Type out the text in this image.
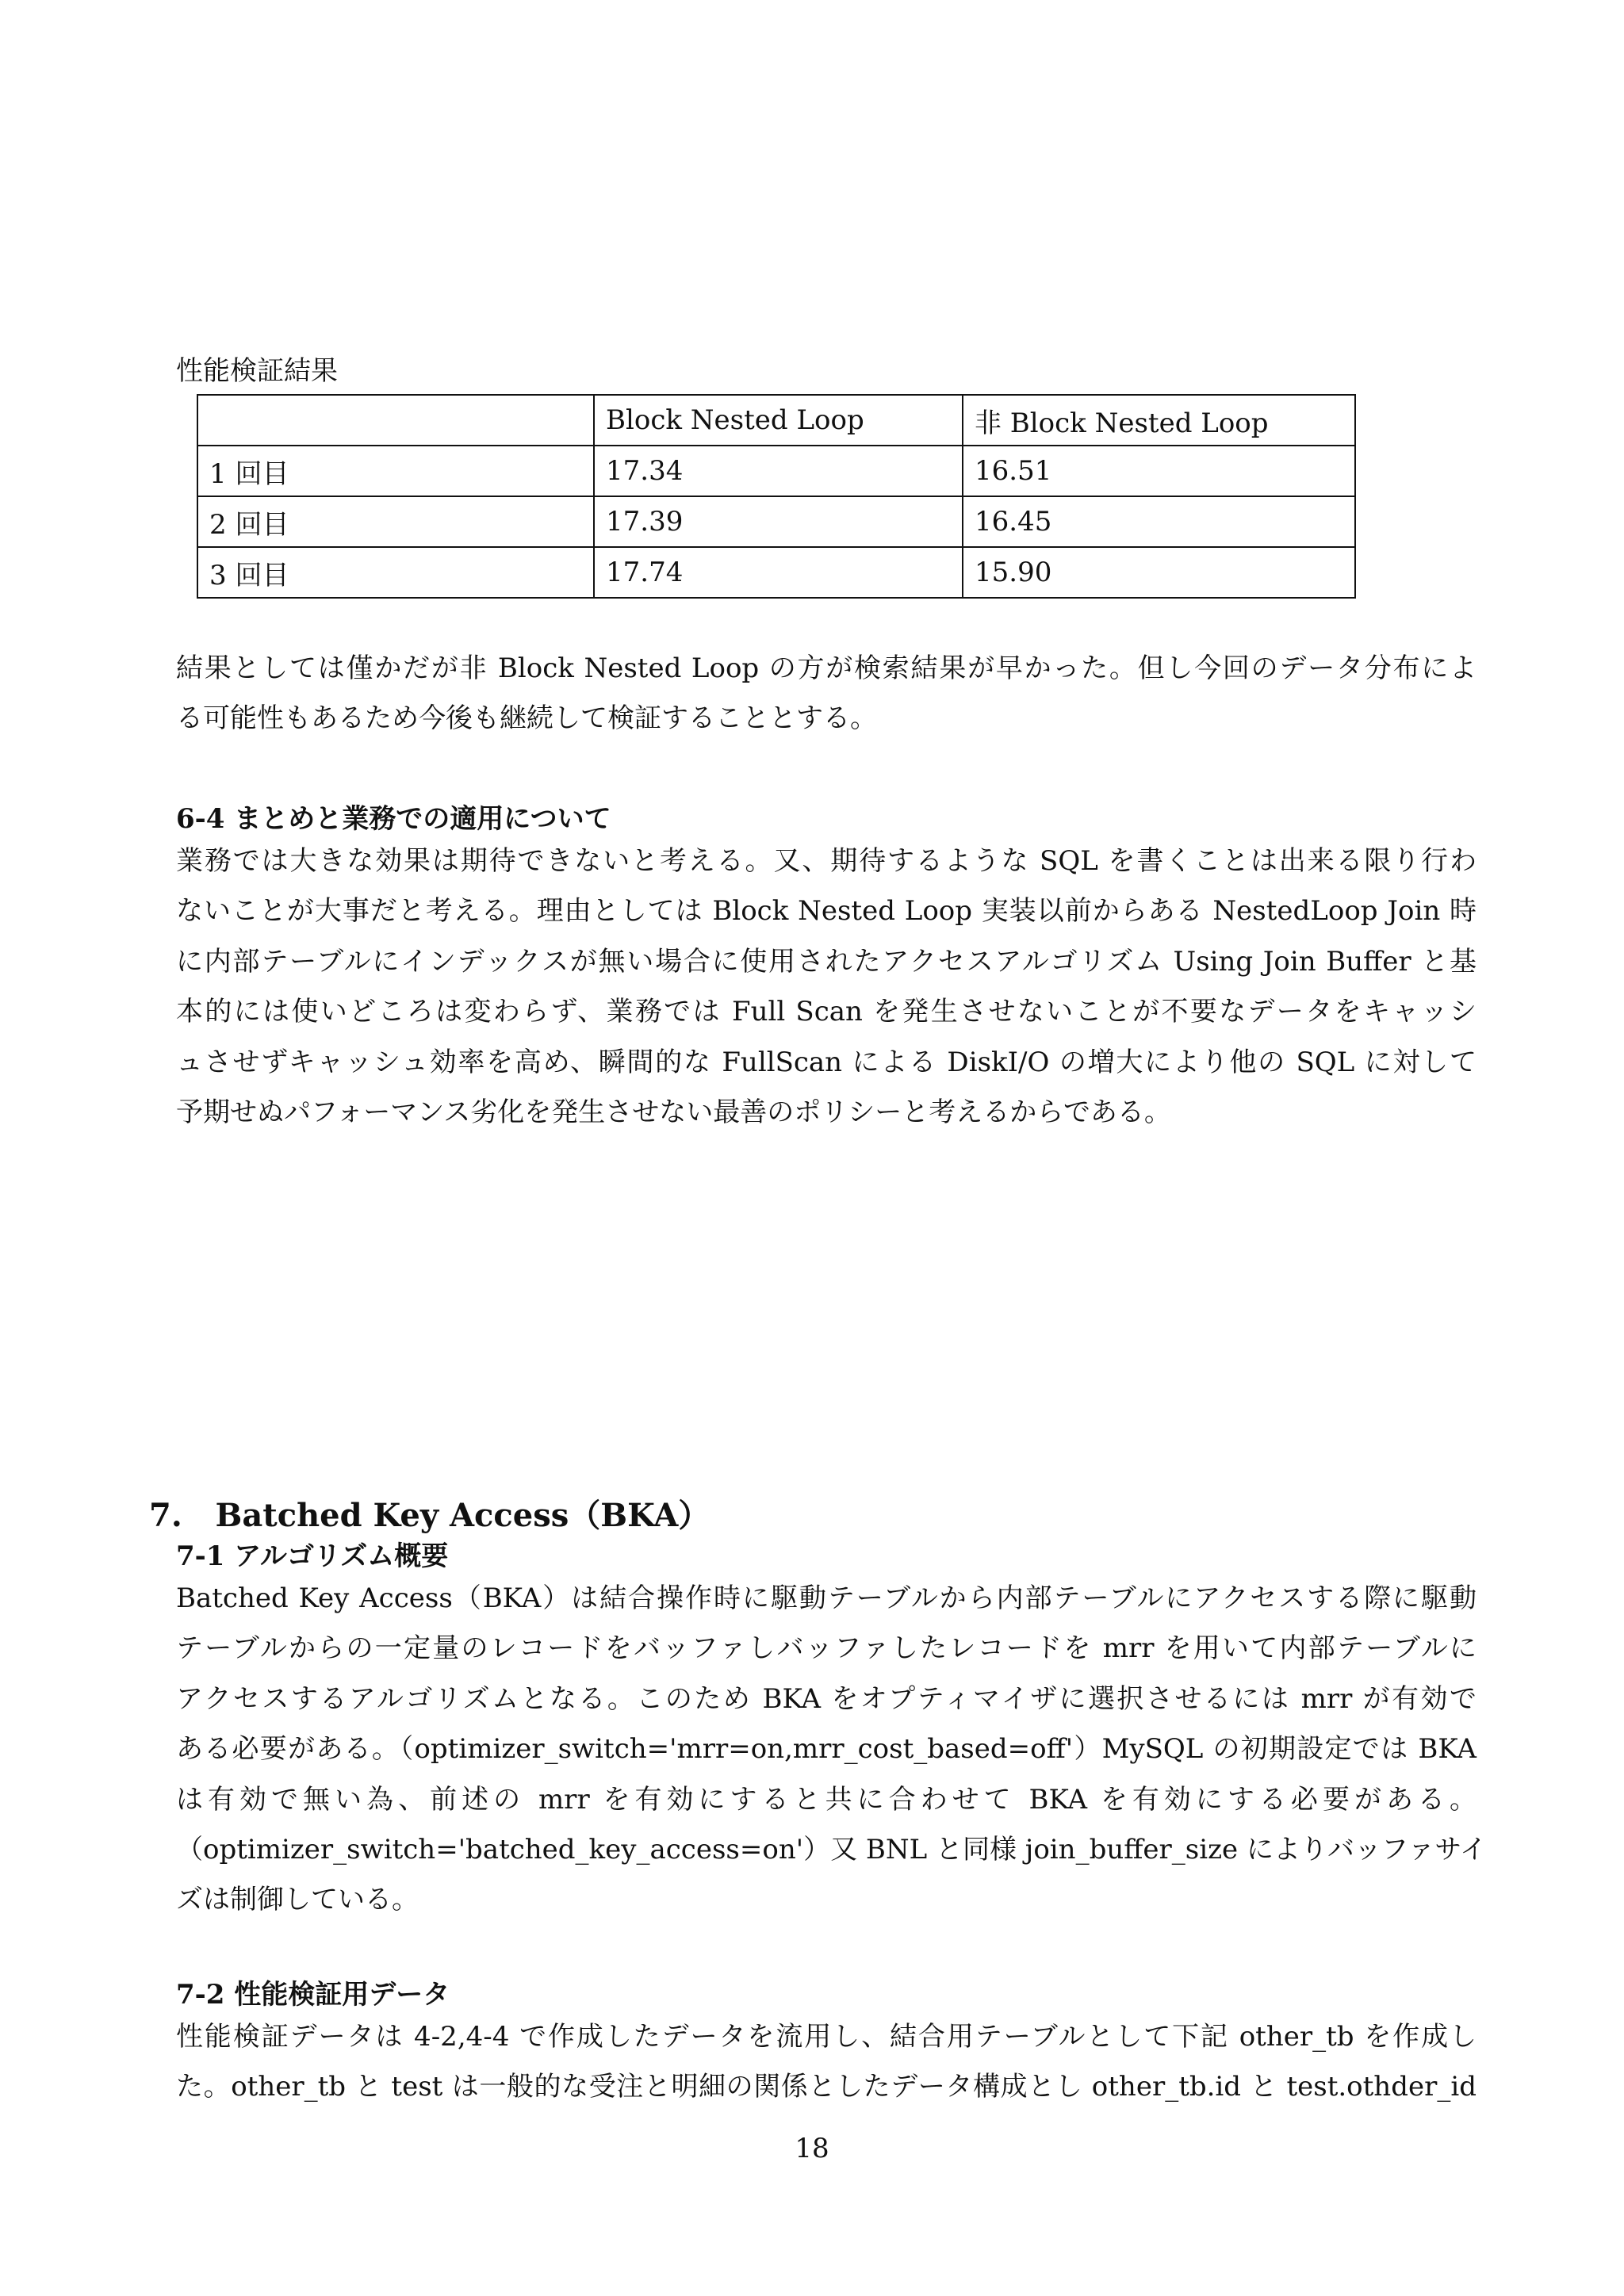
性能検証結果
	Block Nested Loop	非 Block Nested Loop
1 回目	17.34	16.51
2 回目	17.39	16.45
3 回目	17.74	15.90
結果としては僅かだが非 Block Nested Loop の方が検索結果が早かった。但し今回のデータ分布によ
る可能性もあるため今後も継続して検証することとする。
6-4 まとめと業務での適用について
業務では大きな効果は期待できないと考える。又、期待するような SQL を書くことは出来る限り行わ
ないことが大事だと考える。理由としては Block Nested Loop 実装以前からある NestedLoop Join 時
に内部テーブルにインデックスが無い場合に使用されたアクセスアルゴリズム Using Join Buffer と基
本的には使いどころは変わらず、業務では Full Scan を発生させないことが不要なデータをキャッシ
ュさせずキャッシュ効率を高め、瞬間的な FullScan による DiskI/O の増大により他の SQL に対して
予期せぬパフォーマンス劣化を発生させない最善のポリシーと考えるからである。
7.   Batched Key Access（BKA）
7-1 アルゴリズム概要
Batched Key Access（BKA）は結合操作時に駆動テーブルから内部テーブルにアクセスする際に駆動
テーブルからの一定量のレコードをバッファしバッファしたレコードを mrr を用いて内部テーブルに
アクセスするアルゴリズムとなる。このため BKA をオプティマイザに選択させるには mrr が有効で
ある必要がある。（optimizer_switch='mrr=on,mrr_cost_based=off'）MySQL の初期設定では BKA
は有効で無い為、前述の mrr を有効にすると共に合わせて BKA を有効にする必要がある。
（optimizer_switch='batched_key_access=on'）又 BNL と同様 join_buffer_size によりバッファサイ
ズは制御している。
7-2 性能検証用データ
性能検証データは 4-2,4-4 で作成したデータを流用し、結合用テーブルとして下記 other_tb を作成し
た。other_tb と test は一般的な受注と明細の関係としたデータ構成とし other_tb.id と test.othder_id
18
